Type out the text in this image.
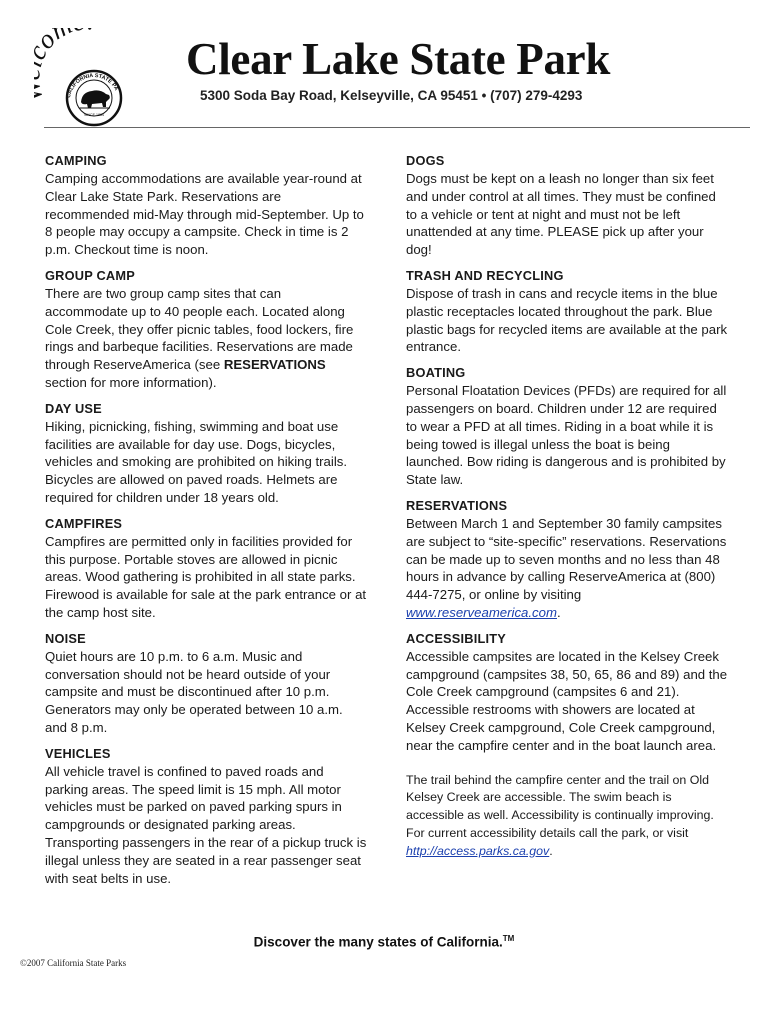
CALIFORNIA STATE PA
SINCE 1864
Clear Lake State Park
5300 Soda Bay Road, Kelseyville, CA 95451 • (707) 279-4293
CAMPING

Camping accommodations are available year-round at Clear Lake State Park. Reservations are recommended mid-May through mid-September. Up to 8 people may occupy a campsite. Check in time is 2 p.m. Checkout time is noon.

GROUP CAMP

There are two group camp sites that can accommodate up to 40 people each. Located along Cole Creek, they offer picnic tables, food lockers, fire rings and barbeque facilities. Reservations are made through ReserveAmerica (see RESERVATIONS section for more information).

DAY USE

Hiking, picnicking, fishing, swimming and boat use facilities are available for day use. Dogs, bicycles, vehicles and smoking are prohibited on hiking trails. Bicycles are allowed on paved roads. Helmets are required for children under 18 years old.

CAMPFIRES

Campfires are permitted only in facilities provided for this purpose. Portable stoves are allowed in picnic areas. Wood gathering is prohibited in all state parks. Firewood is available for sale at the park entrance or at the camp host site.

NOISE

Quiet hours are 10 p.m. to 6 a.m. Music and conversation should not be heard outside of your campsite and must be discontinued after 10 p.m. Generators may only be operated between 10 a.m. and 8 p.m.

VEHICLES

All vehicle travel is confined to paved roads and parking areas. The speed limit is 15 mph. All motor vehicles must be parked on paved parking spurs in campgrounds or designated parking areas. Transporting passengers in the rear of a pickup truck is illegal unless they are seated in a rear passenger seat with seat belts in use.

DOGS

Dogs must be kept on a leash no longer than six feet and under control at all times. They must be confined to a vehicle or tent at night and must not be left unattended at any time. PLEASE pick up after your dog!

TRASH AND RECYCLING

Dispose of trash in cans and recycle items in the blue plastic receptacles located throughout the park. Blue plastic bags for recycled items are available at the park entrance.

BOATING

Personal Floatation Devices (PFDs) are required for all passengers on board. Children under 12 are required to wear a PFD at all times. Riding in a boat while it is being towed is illegal unless the boat is being launched. Bow riding is dangerous and is prohibited by State law.

RESERVATIONS

Between March 1 and September 30 family campsites are subject to “site-specific” reservations. Reservations can be made up to seven months and no less than 48 hours in advance by calling ReserveAmerica at (800) 444-7275, or online by visiting www.reserveamerica.com.

ACCESSIBILITY

Accessible campsites are located in the Kelsey Creek campground (campsites 38, 50, 65, 86 and 89) and the Cole Creek campground (campsites 6 and 21). Accessible restrooms with showers are located at Kelsey Creek campground, Cole Creek campground, near the campfire center and in the boat launch area.

The trail behind the campfire center and the trail on Old Kelsey Creek are accessible. The swim beach is accessible as well. Accessibility is continually improving. For current accessibility details call the park, or visit http://access.parks.ca.gov.

Discover the many states of California.™
©2007 California State Parks
